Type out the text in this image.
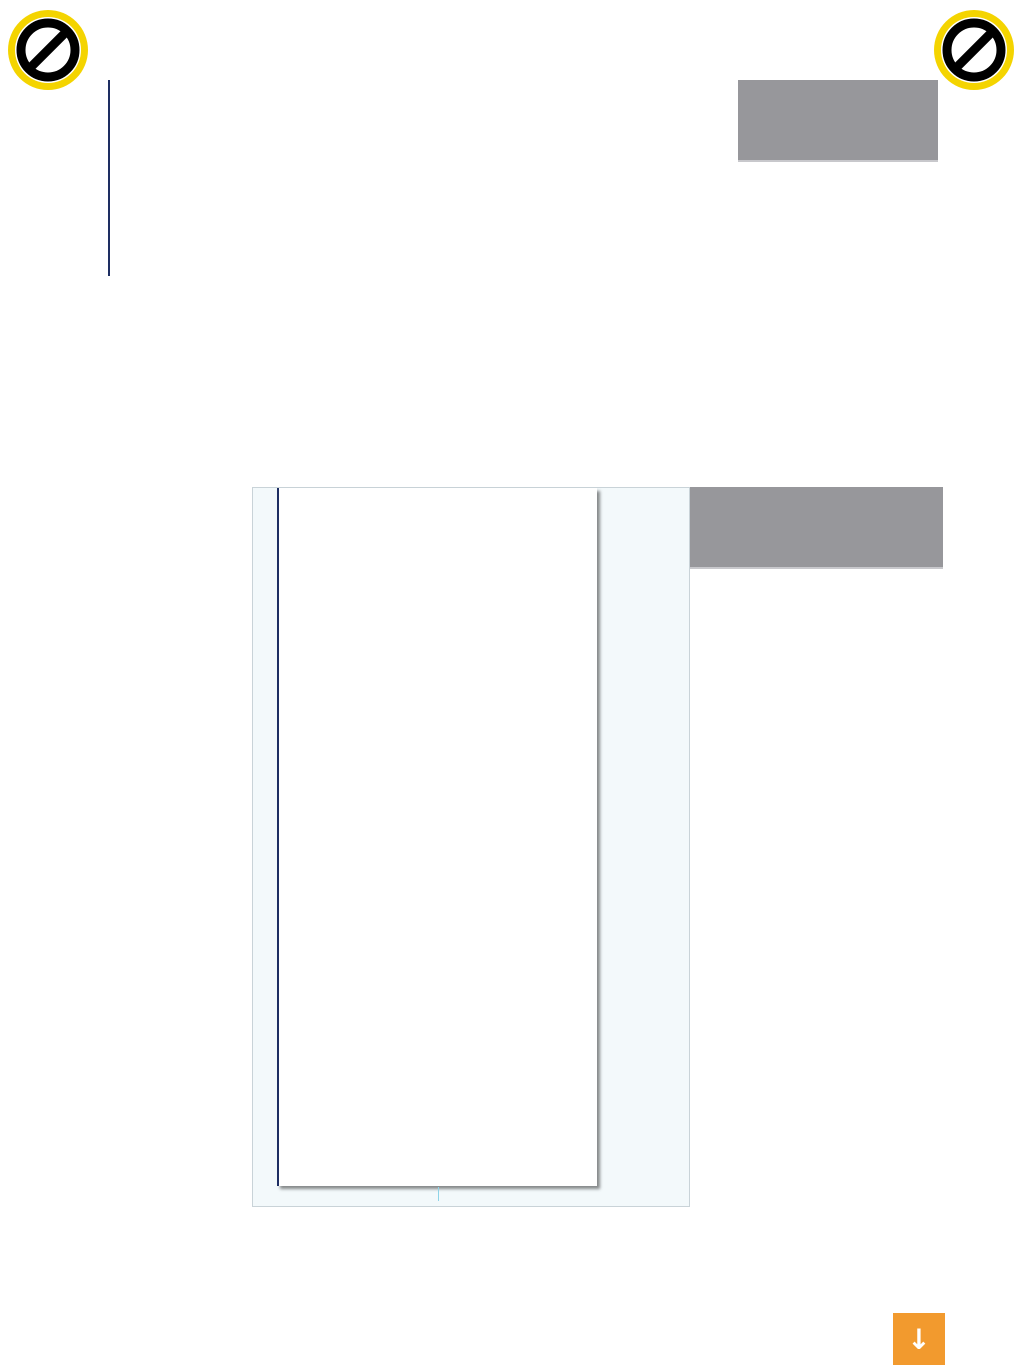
↓
